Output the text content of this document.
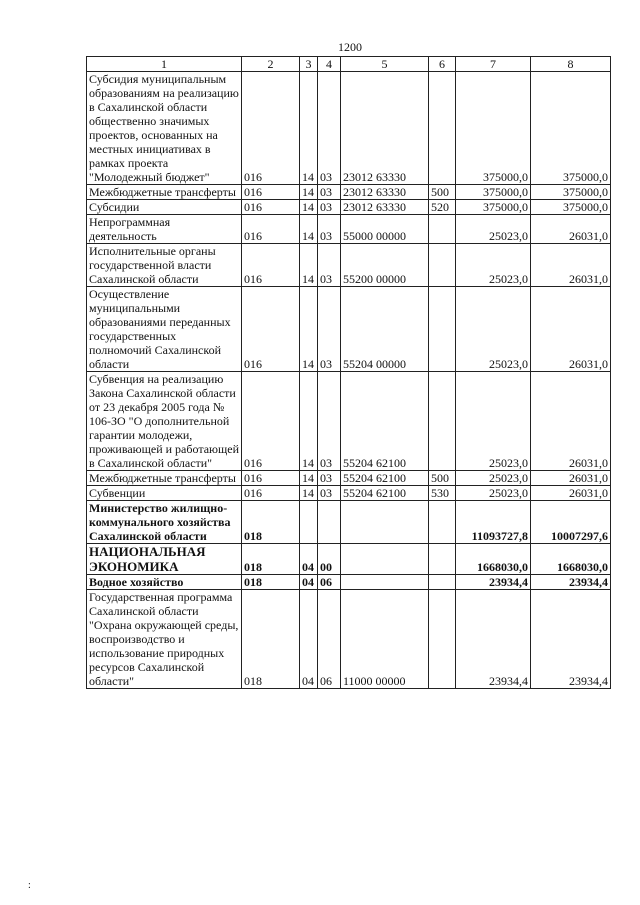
1200
1	2	3	4	5	6	7	8
Субсидия муниципальным образованиям на реализацию в Сахалинской области общественно значимых проектов, основанных на местных инициативах в рамках проекта "Молодежный бюджет"	016	14	03	23012 63330		375000,0	375000,0
Межбюджетные трансферты	016	14	03	23012 63330	500	375000,0	375000,0
Субсидии	016	14	03	23012 63330	520	375000,0	375000,0
Непрограммная деятельность	016	14	03	55000 00000		25023,0	26031,0
Исполнительные органы государственной власти Сахалинской области	016	14	03	55200 00000		25023,0	26031,0
Осуществление муниципальными образованиями переданных государственных полномочий Сахалинской области	016	14	03	55204 00000		25023,0	26031,0
Субвенция на реализацию Закона Сахалинской области от 23 декабря 2005 года № 106-ЗО "О дополнительной гарантии молодежи, проживающей и работающей в Сахалинской области"	016	14	03	55204 62100		25023,0	26031,0
Межбюджетные трансферты	016	14	03	55204 62100	500	25023,0	26031,0
Субвенции	016	14	03	55204 62100	530	25023,0	26031,0
Министерство жилищно-коммунального хозяйства Сахалинской области	018					11093727,8	10007297,6
НАЦИОНАЛЬНАЯ ЭКОНОМИКА	018	04	00			1668030,0	1668030,0
Водное хозяйство	018	04	06			23934,4	23934,4
Государственная программа Сахалинской области "Охрана окружающей среды, воспроизводство и использование природных ресурсов Сахалинской области"	018	04	06	11000 00000		23934,4	23934,4
:
